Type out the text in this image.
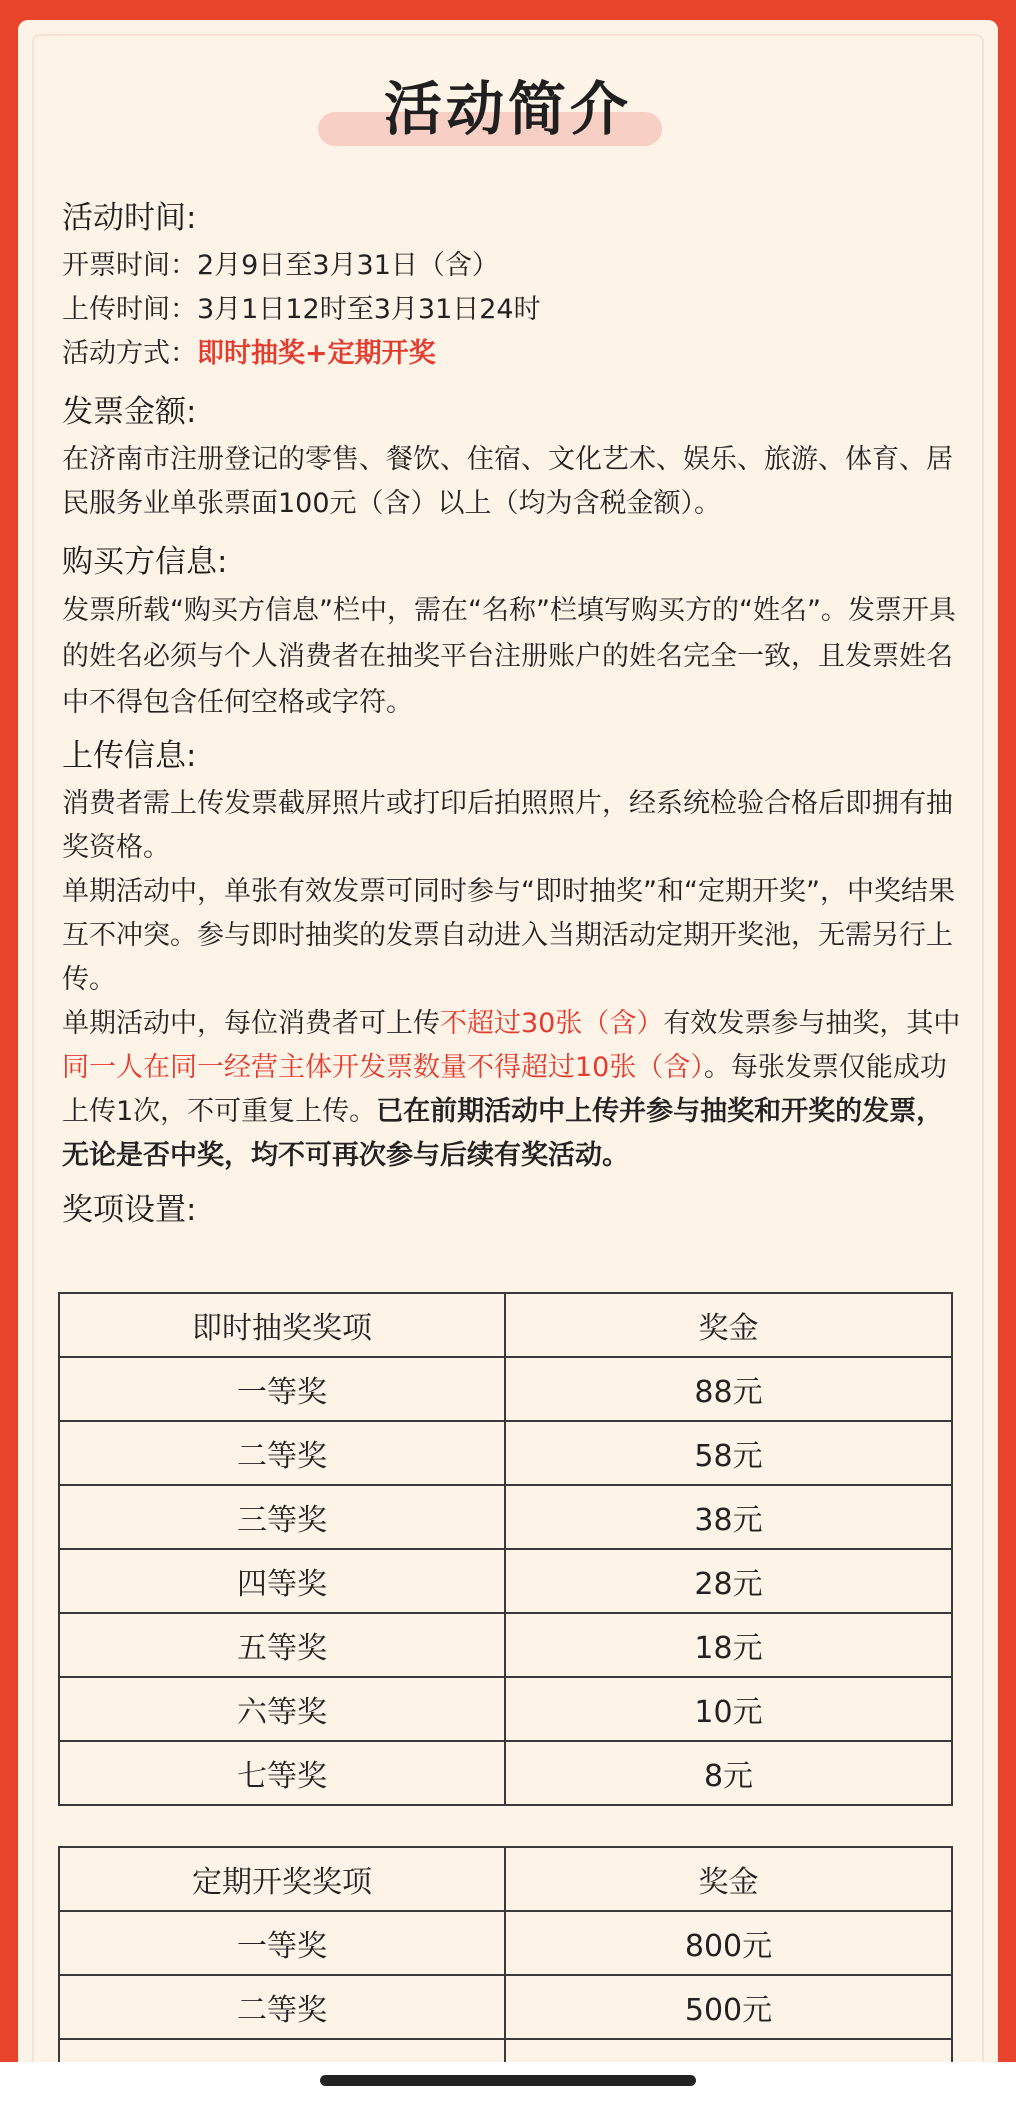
活动简介
活动时间:

开票时间：2月9日至3月31日（含）

上传时间：3月1日12时至3月31日24时

活动方式：即时抽奖+定期开奖

发票金额:

在济南市注册登记的零售、餐饮、住宿、文化艺术、娱乐、旅游、体育、居民服务业单张票面100元（含）以上（均为含税金额）。

购买方信息:

发票所载“购买方信息”栏中，需在“名称”栏填写购买方的“姓名”。发票开具的姓名必须与个人消费者在抽奖平台注册账户的姓名完全一致，且发票姓名中不得包含任何空格或字符。

上传信息:

消费者需上传发票截屏照片或打印后拍照照片，经系统检验合格后即拥有抽奖资格。

单期活动中，单张有效发票可同时参与“即时抽奖”和“定期开奖”，中奖结果互不冲突。参与即时抽奖的发票自动进入当期活动定期开奖池，无需另行上传。

单期活动中，每位消费者可上传不超过30张（含）有效发票参与抽奖，其中同一人在同一经营主体开发票数量不得超过10张（含）。每张发票仅能成功上传1次，不可重复上传。已在前期活动中上传并参与抽奖和开奖的发票，无论是否中奖，均不可再次参与后续有奖活动。

奖项设置:
即时抽奖奖项	奖金
一等奖	88元
二等奖	58元
三等奖	38元
四等奖	28元
五等奖	18元
六等奖	10元
七等奖	8元
定期开奖奖项	奖金
一等奖	800元
二等奖	500元
